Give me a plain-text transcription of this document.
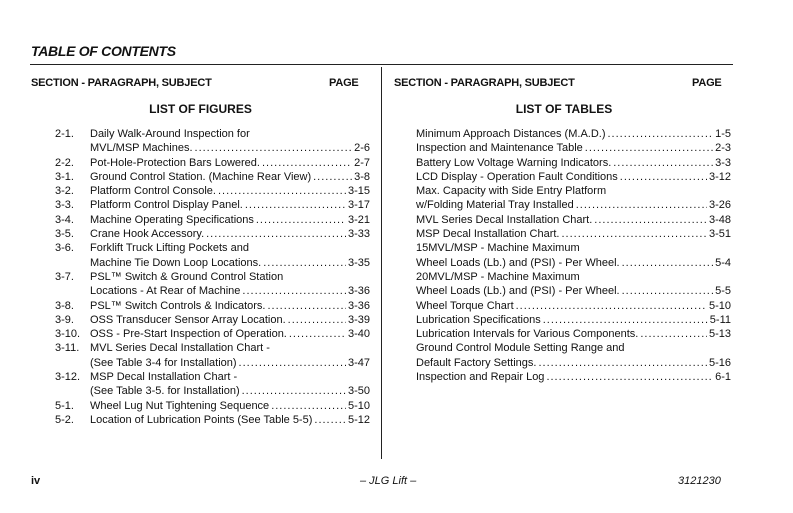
TABLE OF CONTENTS
SECTION - PARAGRAPH, SUBJECT	PAGE
LIST OF FIGURES
SECTION - PARAGRAPH, SUBJECT	PAGE
LIST OF TABLES
2-1.	Daily Walk-Around Inspection for
MVL/MSP Machines. .....	2-6
2-2.	Pot-Hole-Protection Bars Lowered. .....	2-7
3-1.	Ground Control Station. (Machine Rear View) .....	3-8
3-2.	Platform Control Console. .....	3-15
3-3.	Platform Control Display Panel. .....	3-17
3-4.	Machine Operating Specifications .....	3-21
3-5.	Crane Hook Accessory. .....	3-33
3-6.	Forklift Truck Lifting Pockets and
Machine Tie Down Loop Locations. .....	3-35
3-7.	PSL™ Switch & Ground Control Station
Locations - At Rear of Machine .....	3-36
3-8.	PSL™ Switch Controls & Indicators. .....	3-36
3-9.	OSS Transducer Sensor Array Location. .....	3-39
3-10. OSS - Pre-Start Inspection of Operation. .....	3-40
3-11. MVL Series Decal Installation Chart -
(See Table 3-4 for Installation) .....	3-47
3-12. MSP Decal Installation Chart -
(See Table 3-5. for Installation) .....	3-50
5-1.	Wheel Lug Nut Tightening Sequence .....	5-10
5-2.	Location of Lubrication Points (See Table 5-5) .....	5-12
Minimum Approach Distances (M.A.D.) .....	1-5
Inspection and Maintenance Table .....	2-3
Battery Low Voltage Warning Indicators. .....	3-3
LCD Display - Operation Fault Conditions .....	3-12
Max. Capacity with Side Entry Platform
w/Folding Material Tray Installed .....	3-26
MVL Series Decal Installation Chart. .....	3-48
MSP Decal Installation Chart. .....	3-51
15MVL/MSP - Machine Maximum
Wheel Loads (Lb.) and (PSI) - Per Wheel. .....	5-4
20MVL/MSP - Machine Maximum
Wheel Loads (Lb.) and (PSI) - Per Wheel. .....	5-5
Wheel Torque Chart .....	5-10
Lubrication Specifications .....	5-11
Lubrication Intervals for Various Components. .....	5-13
Ground Control Module Setting Range and
Default Factory Settings. .....	5-16
Inspection and Repair Log .....	6-1
iv	– JLG Lift –	3121230
